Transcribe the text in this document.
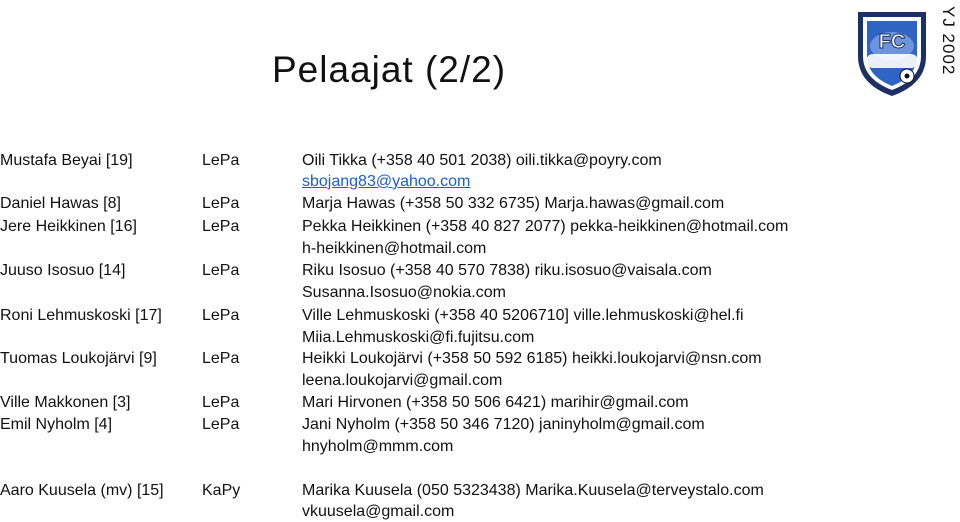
Pelaajat (2/2)
FC YJ 2002
Mustafa Beyai [19]	LePa	Oili Tikka (+358 40 501 2038) oili.tikka@poyry.com
sbojang83@yahoo.com
Daniel Hawas [8]	LePa	Marja Hawas (+358 50 332 6735) Marja.hawas@gmail.com
Jere Heikkinen [16]	LePa	Pekka Heikkinen (+358 40 827 2077) pekka-heikkinen@hotmail.com
h-heikkinen@hotmail.com
Juuso Isosuo [14]	LePa	Riku Isosuo (+358 40 570 7838) riku.isosuo@vaisala.com
Susanna.Isosuo@nokia.com
Roni Lehmuskoski [17]	LePa	Ville Lehmuskoski (+358 40 5206710] ville.lehmuskoski@hel.fi
Miia.Lehmuskoski@fi.fujitsu.com
Tuomas Loukojärvi [9]	LePa	Heikki Loukojärvi (+358 50 592 6185) heikki.loukojarvi@nsn.com
leena.loukojarvi@gmail.com
Ville Makkonen [3]	LePa	Mari Hirvonen (+358 50 506 6421) marihir@gmail.com
Emil Nyholm [4]	LePa	Jani Nyholm (+358 50 346 7120) janinyholm@gmail.com
hnyholm@mmm.com
Aaro Kuusela (mv) [15] KaPy	Marika Kuusela (050 5323438) Marika.Kuusela@terveystalo.com
vkuusela@gmail.com
